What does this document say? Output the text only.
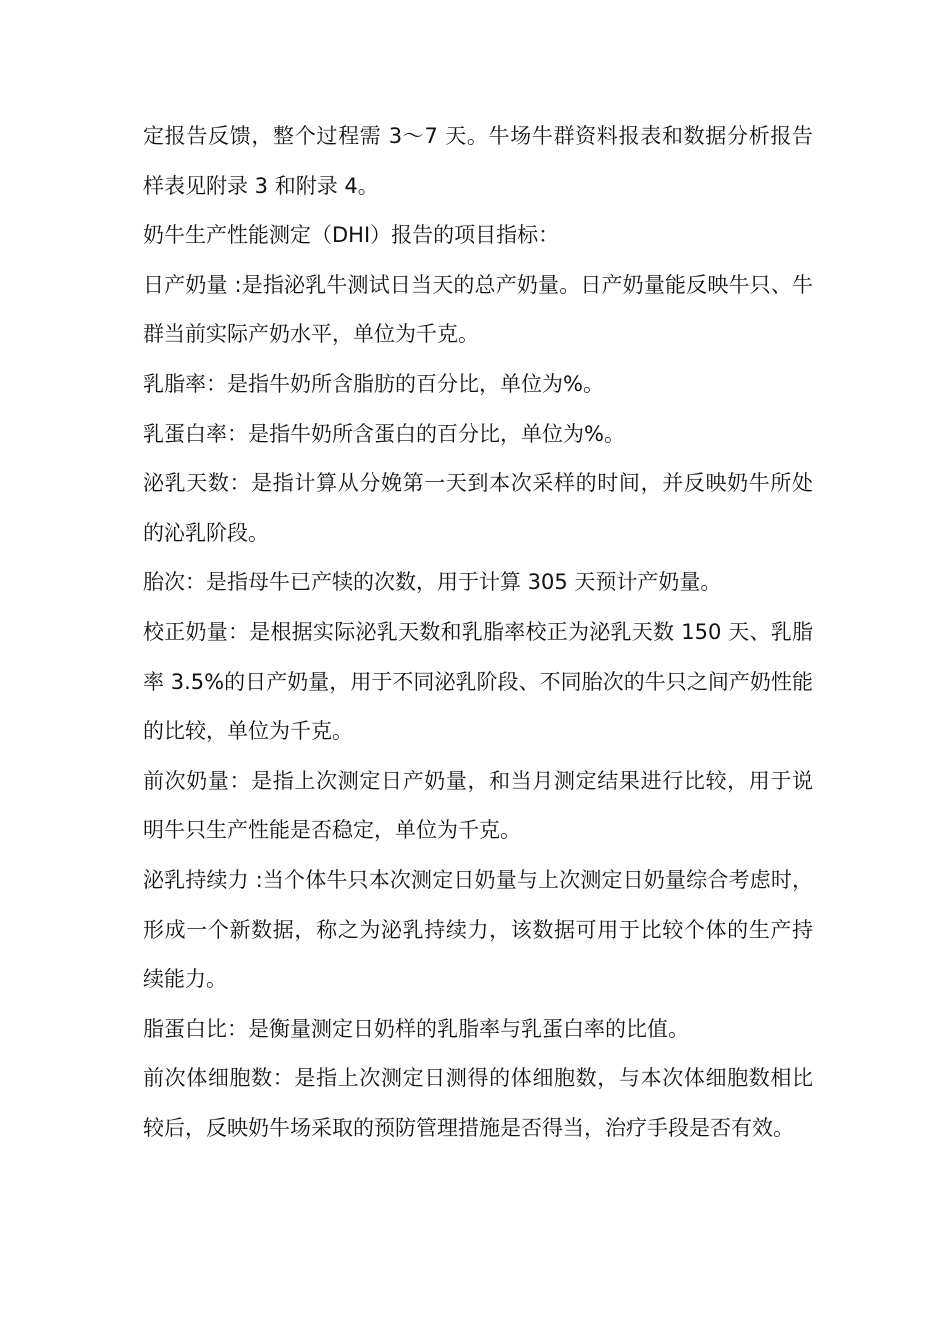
定报告反馈，整个过程需 3～7 天。牛场牛群资料报表和数据分析报告样表见附录 3 和附录 4。

奶牛生产性能测定（DHI）报告的项目指标：

日产奶量 :是指泌乳牛测试日当天的总产奶量。日产奶量能反映牛只、牛群当前实际产奶水平，单位为千克。

乳脂率：是指牛奶所含脂肪的百分比，单位为%。

乳蛋白率：是指牛奶所含蛋白的百分比，单位为%。

泌乳天数：是指计算从分娩第一天到本次采样的时间，并反映奶牛所处的沁乳阶段。

胎次：是指母牛已产犊的次数，用于计算 305 天预计产奶量。

校正奶量：是根据实际泌乳天数和乳脂率校正为泌乳天数 150 天、乳脂率 3.5%的日产奶量，用于不同泌乳阶段、不同胎次的牛只之间产奶性能的比较，单位为千克。

前次奶量：是指上次测定日产奶量，和当月测定结果进行比较，用于说明牛只生产性能是否稳定，单位为千克。

泌乳持续力 :当个体牛只本次测定日奶量与上次测定日奶量综合考虑时，形成一个新数据，称之为泌乳持续力，该数据可用于比较个体的生产持续能力。

脂蛋白比：是衡量测定日奶样的乳脂率与乳蛋白率的比值。

前次体细胞数：是指上次测定日测得的体细胞数，与本次体细胞数相比较后，反映奶牛场采取的预防管理措施是否得当，治疗手段是否有效。
